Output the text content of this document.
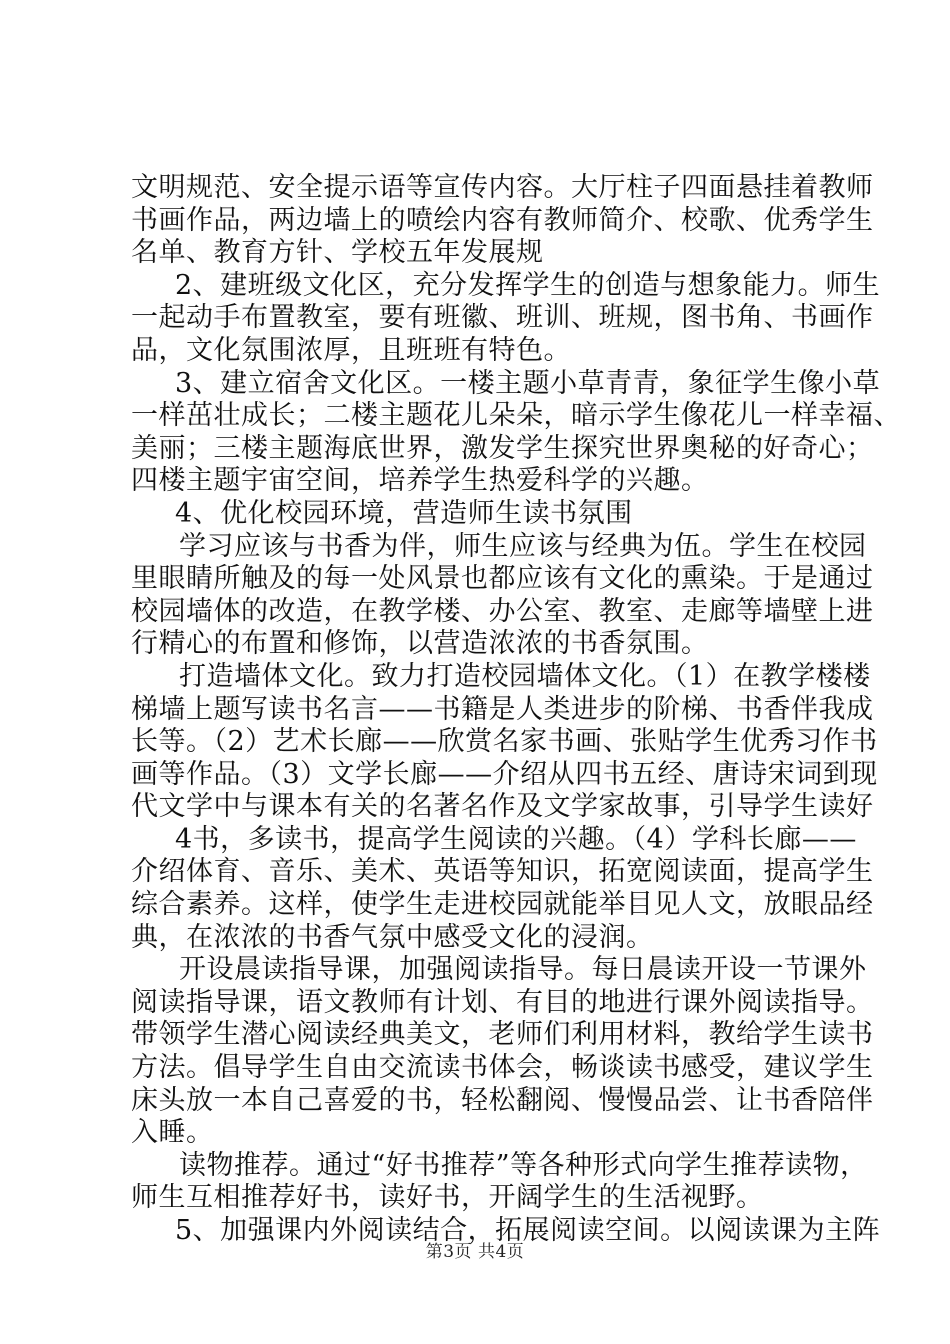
文明规范、安全提示语等宣传内容。大厅柱子四面悬挂着教师
书画作品，两边墙上的喷绘内容有教师简介、校歌、优秀学生
名单、教育方针、学校五年发展规
2、建班级文化区，充分发挥学生的创造与想象能力。师生
一起动手布置教室，要有班徽、班训、班规，图书角、书画作
品，文化氛围浓厚，且班班有特色。
3、建立宿舍文化区。一楼主题小草青青，象征学生像小草
一样茁壮成长；二楼主题花儿朵朵，暗示学生像花儿一样幸福、
美丽；三楼主题海底世界，激发学生探究世界奥秘的好奇心；
四楼主题宇宙空间，培养学生热爱科学的兴趣。
4、优化校园环境，营造师生读书氛围
学习应该与书香为伴，师生应该与经典为伍。学生在校园
里眼睛所触及的每一处风景也都应该有文化的熏染。于是通过
校园墙体的改造，在教学楼、办公室、教室、走廊等墙壁上进
行精心的布置和修饰，以营造浓浓的书香氛围。
打造墙体文化。致力打造校园墙体文化。（1）在教学楼楼
梯墙上题写读书名言——书籍是人类进步的阶梯、书香伴我成
长等。（2）艺术长廊——欣赏名家书画、张贴学生优秀习作书
画等作品。（3）文学长廊——介绍从四书五经、唐诗宋词到现
代文学中与课本有关的名著名作及文学家故事，引导学生读好
4书，多读书，提高学生阅读的兴趣。（4）学科长廊——
介绍体育、音乐、美术、英语等知识，拓宽阅读面，提高学生
综合素养。这样，使学生走进校园就能举目见人文，放眼品经
典，在浓浓的书香气氛中感受文化的浸润。
开设晨读指导课，加强阅读指导。每日晨读开设一节课外
阅读指导课，语文教师有计划、有目的地进行课外阅读指导。
带领学生潜心阅读经典美文，老师们利用材料，教给学生读书
方法。倡导学生自由交流读书体会，畅谈读书感受，建议学生
床头放一本自己喜爱的书，轻松翻阅、慢慢品尝、让书香陪伴
入睡。
读物推荐。通过“好书推荐”等各种形式向学生推荐读物，
师生互相推荐好书，读好书，开阔学生的生活视野。
5、加强课内外阅读结合，拓展阅读空间。以阅读课为主阵
第3页 共4页
